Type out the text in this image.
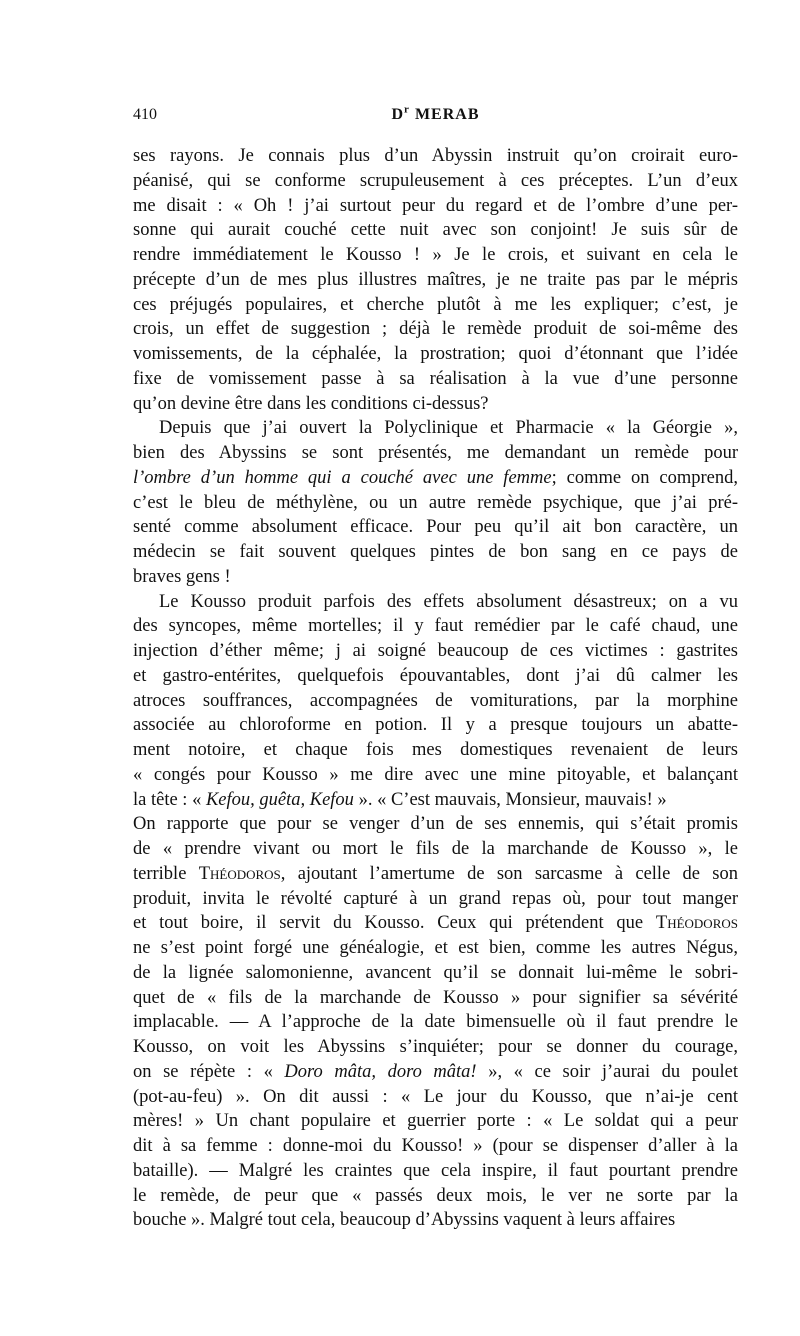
410	$D^r$ MERAB
ses rayons. Je connais plus d’un Abyssin instruit qu’on croirait euro-
péanisé, qui se conforme scrupuleusement à ces préceptes. L’un d’eux
me disait : « Oh ! j’ai surtout peur du regard et de l’ombre d’une per-
sonne qui aurait couché cette nuit avec son conjoint! Je suis sûr de
rendre immédiatement le Kousso ! » Je le crois, et suivant en cela le
précepte d’un de mes plus illustres maîtres, je ne traite pas par le mépris
ces préjugés populaires, et cherche plutôt à me les expliquer; c’est, je
crois, un effet de suggestion ; déjà le remède produit de soi-même des
vomissements, de la céphalée, la prostration; quoi d’étonnant que l’idée
fixe de vomissement passe à sa réalisation à la vue d’une personne
qu’on devine être dans les conditions ci-dessus?
Depuis que j’ai ouvert la Polyclinique et Pharmacie « la Géorgie »,
bien des Abyssins se sont présentés, me demandant un remède pour
l’ombre d’un homme qui a couché avec une femme; comme on comprend,
c’est le bleu de méthylène, ou un autre remède psychique, que j’ai pré-
senté comme absolument efficace. Pour peu qu’il ait bon caractère, un
médecin se fait souvent quelques pintes de bon sang en ce pays de
braves gens !
Le Kousso produit parfois des effets absolument désastreux; on a vu
des syncopes, même mortelles; il y faut remédier par le café chaud, une
injection d’éther même; j ai soigné beaucoup de ces victimes : gastrites
et gastro-entérites, quelquefois épouvantables, dont j’ai dû calmer les
atroces souffrances, accompagnées de vomiturations, par la morphine
associée au chloroforme en potion. Il y a presque toujours un abatte-
ment notoire, et chaque fois mes domestiques revenaient de leurs
« congés pour Kousso » me dire avec une mine pitoyable, et balançant
la tête : « Kefou, guêta, Kefou ». « C’est mauvais, Monsieur, mauvais! »
On rapporte que pour se venger d’un de ses ennemis, qui s’était promis
de « prendre vivant ou mort le fils de la marchande de Kousso », le
terrible Théodoros, ajoutant l’amertume de son sarcasme à celle de son
produit, invita le révolté capturé à un grand repas où, pour tout manger
et tout boire, il servit du Kousso. Ceux qui prétendent que Théodoros
ne s’est point forgé une généalogie, et est bien, comme les autres Négus,
de la lignée salomonienne, avancent qu’il se donnait lui-même le sobri-
quet de « fils de la marchande de Kousso » pour signifier sa sévérité
implacable. — A l’approche de la date bimensuelle où il faut prendre le
Kousso, on voit les Abyssins s’inquiéter; pour se donner du courage,
on se répète : « Doro mâta, doro mâta! », « ce soir j’aurai du poulet
(pot-au-feu) ». On dit aussi : « Le jour du Kousso, que n’ai-je cent
mères! » Un chant populaire et guerrier porte : « Le soldat qui a peur
dit à sa femme : donne-moi du Kousso! » (pour se dispenser d’aller à la
bataille). — Malgré les craintes que cela inspire, il faut pourtant prendre
le remède, de peur que « passés deux mois, le ver ne sorte par la
bouche ». Malgré tout cela, beaucoup d’Abyssins vaquent à leurs affaires
